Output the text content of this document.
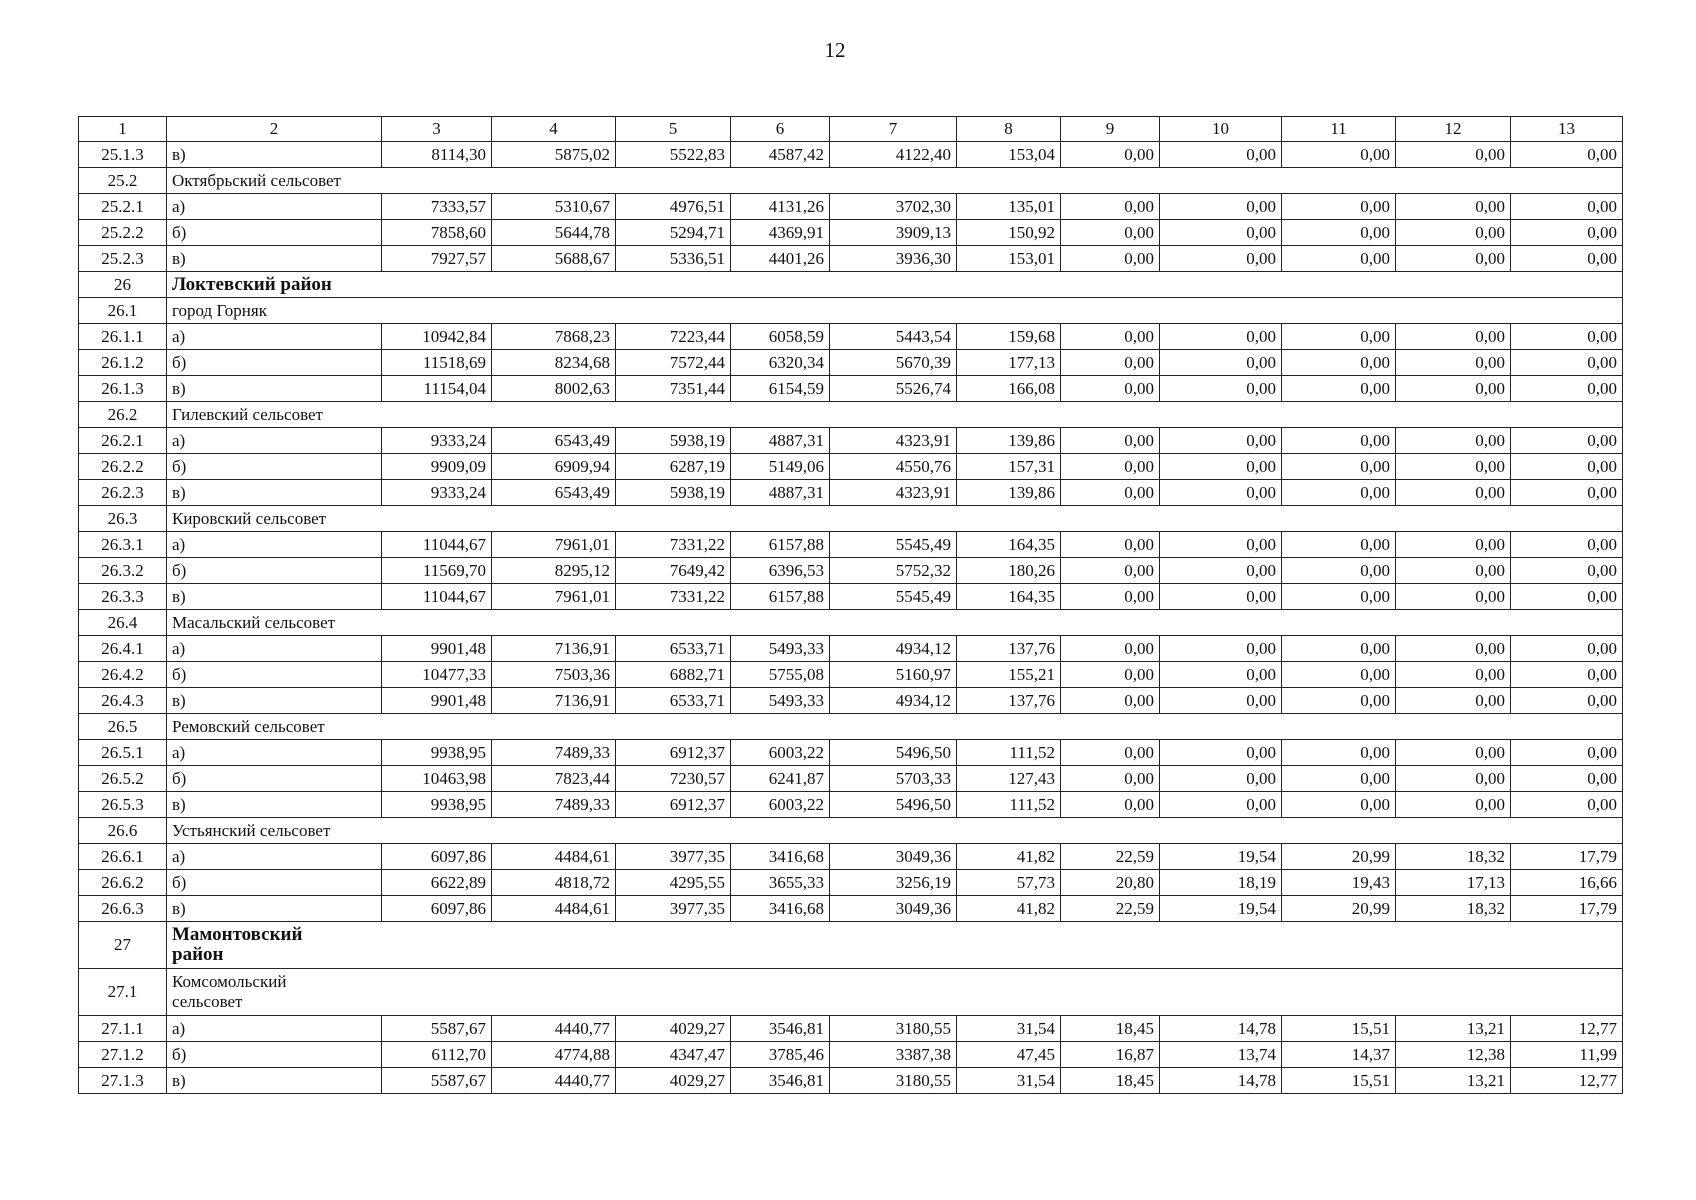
12
1	2	3	4	5	6	7	8	9	10	11	12	13
25.1.3	в)	8114,30	5875,02	5522,83	4587,42	4122,40	153,04	0,00	0,00	0,00	0,00	0,00
25.2	Октябрьский сельсовет											
25.2.1	а)	7333,57	5310,67	4976,51	4131,26	3702,30	135,01	0,00	0,00	0,00	0,00	0,00
25.2.2	б)	7858,60	5644,78	5294,71	4369,91	3909,13	150,92	0,00	0,00	0,00	0,00	0,00
25.2.3	в)	7927,57	5688,67	5336,51	4401,26	3936,30	153,01	0,00	0,00	0,00	0,00	0,00
26	Локтевский район											
26.1	город Горняк											
26.1.1	а)	10942,84	7868,23	7223,44	6058,59	5443,54	159,68	0,00	0,00	0,00	0,00	0,00
26.1.2	б)	11518,69	8234,68	7572,44	6320,34	5670,39	177,13	0,00	0,00	0,00	0,00	0,00
26.1.3	в)	11154,04	8002,63	7351,44	6154,59	5526,74	166,08	0,00	0,00	0,00	0,00	0,00
26.2	Гилевский сельсовет											
26.2.1	а)	9333,24	6543,49	5938,19	4887,31	4323,91	139,86	0,00	0,00	0,00	0,00	0,00
26.2.2	б)	9909,09	6909,94	6287,19	5149,06	4550,76	157,31	0,00	0,00	0,00	0,00	0,00
26.2.3	в)	9333,24	6543,49	5938,19	4887,31	4323,91	139,86	0,00	0,00	0,00	0,00	0,00
26.3	Кировский сельсовет											
26.3.1	а)	11044,67	7961,01	7331,22	6157,88	5545,49	164,35	0,00	0,00	0,00	0,00	0,00
26.3.2	б)	11569,70	8295,12	7649,42	6396,53	5752,32	180,26	0,00	0,00	0,00	0,00	0,00
26.3.3	в)	11044,67	7961,01	7331,22	6157,88	5545,49	164,35	0,00	0,00	0,00	0,00	0,00
26.4	Масальский сельсовет											
26.4.1	а)	9901,48	7136,91	6533,71	5493,33	4934,12	137,76	0,00	0,00	0,00	0,00	0,00
26.4.2	б)	10477,33	7503,36	6882,71	5755,08	5160,97	155,21	0,00	0,00	0,00	0,00	0,00
26.4.3	в)	9901,48	7136,91	6533,71	5493,33	4934,12	137,76	0,00	0,00	0,00	0,00	0,00
26.5	Ремовский сельсовет											
26.5.1	а)	9938,95	7489,33	6912,37	6003,22	5496,50	111,52	0,00	0,00	0,00	0,00	0,00
26.5.2	б)	10463,98	7823,44	7230,57	6241,87	5703,33	127,43	0,00	0,00	0,00	0,00	0,00
26.5.3	в)	9938,95	7489,33	6912,37	6003,22	5496,50	111,52	0,00	0,00	0,00	0,00	0,00
26.6	Устьянский сельсовет											
26.6.1	а)	6097,86	4484,61	3977,35	3416,68	3049,36	41,82	22,59	19,54	20,99	18,32	17,79
26.6.2	б)	6622,89	4818,72	4295,55	3655,33	3256,19	57,73	20,80	18,19	19,43	17,13	16,66
26.6.3	в)	6097,86	4484,61	3977,35	3416,68	3049,36	41,82	22,59	19,54	20,99	18,32	17,79
27	Мамонтовский район											

27.1	Комсомольский сельсовет											

27.1.1	а)	5587,67	4440,77	4029,27	3546,81	3180,55	31,54	18,45	14,78	15,51	13,21	12,77
27.1.2	б)	6112,70	4774,88	4347,47	3785,46	3387,38	47,45	16,87	13,74	14,37	12,38	11,99
27.1.3	в)	5587,67	4440,77	4029,27	3546,81	3180,55	31,54	18,45	14,78	15,51	13,21	12,77
